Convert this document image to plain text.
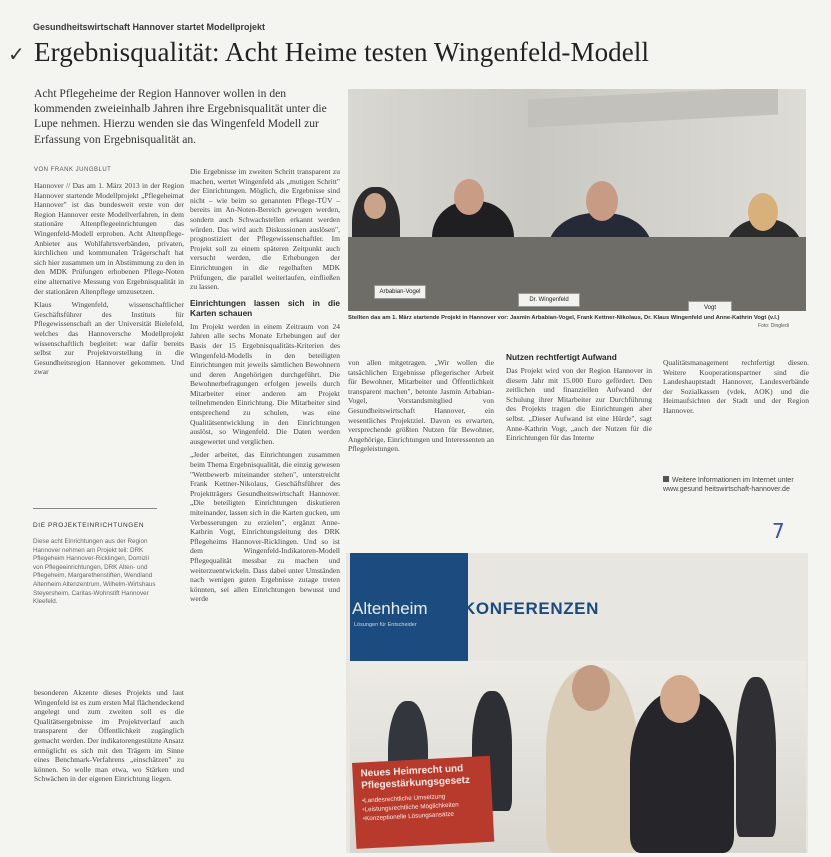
Gesundheitswirtschaft Hannover startet Modellprojekt
✓ Ergebnisqualität: Acht Heime testen Wingenfeld-Modell
Acht Pflegeheime der Region Hannover wollen in den kommenden zweieinhalb Jahren ihre Ergebnisqualität unter die Lupe nehmen. Hierzu wenden sie das Wingenfeld Modell zur Erfassung von Ergebnisqualität an.
VON FRANK JUNGBLUT

Hannover // Das am 1. März 2013 in der Region Hannover startende Modellprojekt „Pflegeheimat Hannover" ist das bundesweit erste von der Region Hannover erste Modellverfahren, in dem stationäre Altenpflegeeinrichtungen das Wingenfeld-Modell erproben. Acht Altenpflege-Anbieter aus Wohlfahrtsverbänden, privaten, kirchlichen und kommunalen Trägerschaft hat sich hier zusammen um in Abstimmung zu den in den MDK Prüfungen erhobenen Pflege-Noten eine alternative Messung von Ergebnisqualität in der stationären Altenpflege umzusetzen.

Klaus Wingenfeld, wissenschaftlicher Geschäftsführer des Instituts für Pflegewissenschaft an der Universität Bielefeld, welches das Hannoversche Modellprojekt wissenschaftlich begleitet: war dafür bereits selbst zur Projektvorstellung in die Gesundheitsregion Hannover gekommen. Und zwar

DIE PROJEKTEINRICHTUNGEN
Diese acht Einrichtungen aus der Region Hannover nehmen am Projekt teil: DRK Pflegeheim Hannover-Ricklingen, Domizil von Pflegeeinrichtungen, DRK Alten- und Pflegeheim, Margarethenstiften, Wendland Altenheim Altenzentrum, Wilhelm-Wirtshaus Steyersheim, Caritas-Wohnstift Hannover Kleefeld.

besonderen Akzente dieses Projekts und laut Wingenfeld ist es zum ersten Mal flächendeckend angelegt und zum zweiten soll es die Qualitätsergebnisse im Projektverlauf auch transparent der Öffentlichkeit zugänglich gemacht werden. Der indikatorengestützte Ansatz ermöglicht es sich mit den Trägern im Sinne eines Benchmark-Verfahrens „einschätzen" zu können. So wolle man etwa, wo Stärken und Schwächen in der eigenen Einrichtung liegen.

Die Ergebnisse im zweiten Schritt transparent zu machen, wertet Wingenfeld als „mutigen Schritt" der Einrichtungen. Möglich, die Ergebnisse sind nicht – wie beim so genannten Pflege-TÜV – bereits im An-Noten-Bereich gewogen werden, sondern auch Schwachstellen erkannt werden würden. Das wird auch Diskussionen auslösen", prognostiziert der Pflegewissenschaftler. Im Projekt soll zu einem späteren Zeitpunkt auch versucht werden, die Erhebungen der Einrichtungen in die regelhaften MDK Prüfungen, die parallel weiterlaufen, einfließen zu lassen.

Einrichtungen lassen sich in die Karten schauen

Im Projekt werden in einem Zeitraum von 24 Jahren alle sechs Monate Erhebungen auf der Basis der 15 Ergebnisqualitäts-Kriterien des Wingenfeld-Modells in den beteiligten Einrichtungen mit jeweils sämtlichen Bewohnern und deren Angehörigen durchgeführt. Die Bewohnerbefragungen erfolgen jeweils durch Mitarbeiter einer anderen am Projekt teilnehmenden Einrichtung. Die Mitarbeiter sind entsprechend zu schulen, was eine Qualitätsentwicklung in den Einrichtungen auslöst, so Wingenfeld. Die Daten werden ausgewertet und verglichen.

„Jeder arbeitet, das Einrichtungen zusammen beim Thema Ergebnisqualität, die einzig gewesen "Wettbewerb miteinander stehen", unterstreicht Frank Kettner-Nikolaus, Geschäftsführer des Projektträgers Gesundheitswirtschaft Hannover. „Die beteiligten Einrichtungen diskutieren miteinander, lassen sich in die Karten gucken, um Verbesserungen zu erzielen", ergänzt Anne-Kathrin Vogt, Einrichtungsleitung des DRK Pflegeheims Hannover-Ricklingen. Und so ist dem Wingenfeld-Indikatoren-Modell Pflegequalität messbar zu machen und weiterzuentwickeln. Dass dabei unter Umständen nach wenigen guten Ergebnisse zutage treten könnten, sei allen Einrichtungen bewusst und werde

Arbabian-Vogel
Dr. Wingenfeld
Vogt
Stellten das am 1. März startende Projekt in Hannover vor: Jasmin Arbabian-Vogel, Frank Kettner-Nikolaus, Dr. Klaus Wingenfeld und Anne-Kathrin Vogt (v.l.)
Foto: Dingledi

von allen mitgetragen. „Wir wollen die tatsächlichen Ergebnisse pflegerischer Arbeit für Bewohner, Mitarbeiter und Öffentlichkeit transparent machen", betonte Jasmin Arbabian-Vogel, Vorstandsmitglied von Gesundheitswirtschaft Hannover, ein wesentliches Projektziel. Davon es erwarten, versprechende größten Nutzen für Bewohner, Angehörige, Einrichtungen und Interessenten an Pflegeleistungen.

Nutzen rechtfertigt Aufwand

Das Projekt wird von der Region Hannover in diesem Jahr mit 15.000 Euro gefördert. Den zeitlichen und finanziellen Aufwand der Schulung ihrer Mitarbeiter zur Durchführung des Projekts tragen die Einrichtungen aber selbst. „Dieser Aufwand ist eine Hürde", sagt Anne-Kathrin Vogt, „auch der Nutzen für die Einrichtungen für das Interne

Qualitätsmanagement rechtfertigt diesen. Weitere Kooperationspartner sind die Landeshauptstadt Hannover, Landesverbände der Sozialkassen (vdek, AOK) und die Heimaufsichten der Stadt und der Region Hannover.

Weitere Informationen im Internet unter www.gesund heitswirtschaft-hannover.de
7
Altenheim KONFERENZEN
Lösungen für Entscheider
Neues Heimrecht und Pflegestärkungsgesetz
• Landesrechtliche Umsetzung
• Leistungsrechtliche Möglichkeiten
• Konzeptionelle Lösungsansätze
